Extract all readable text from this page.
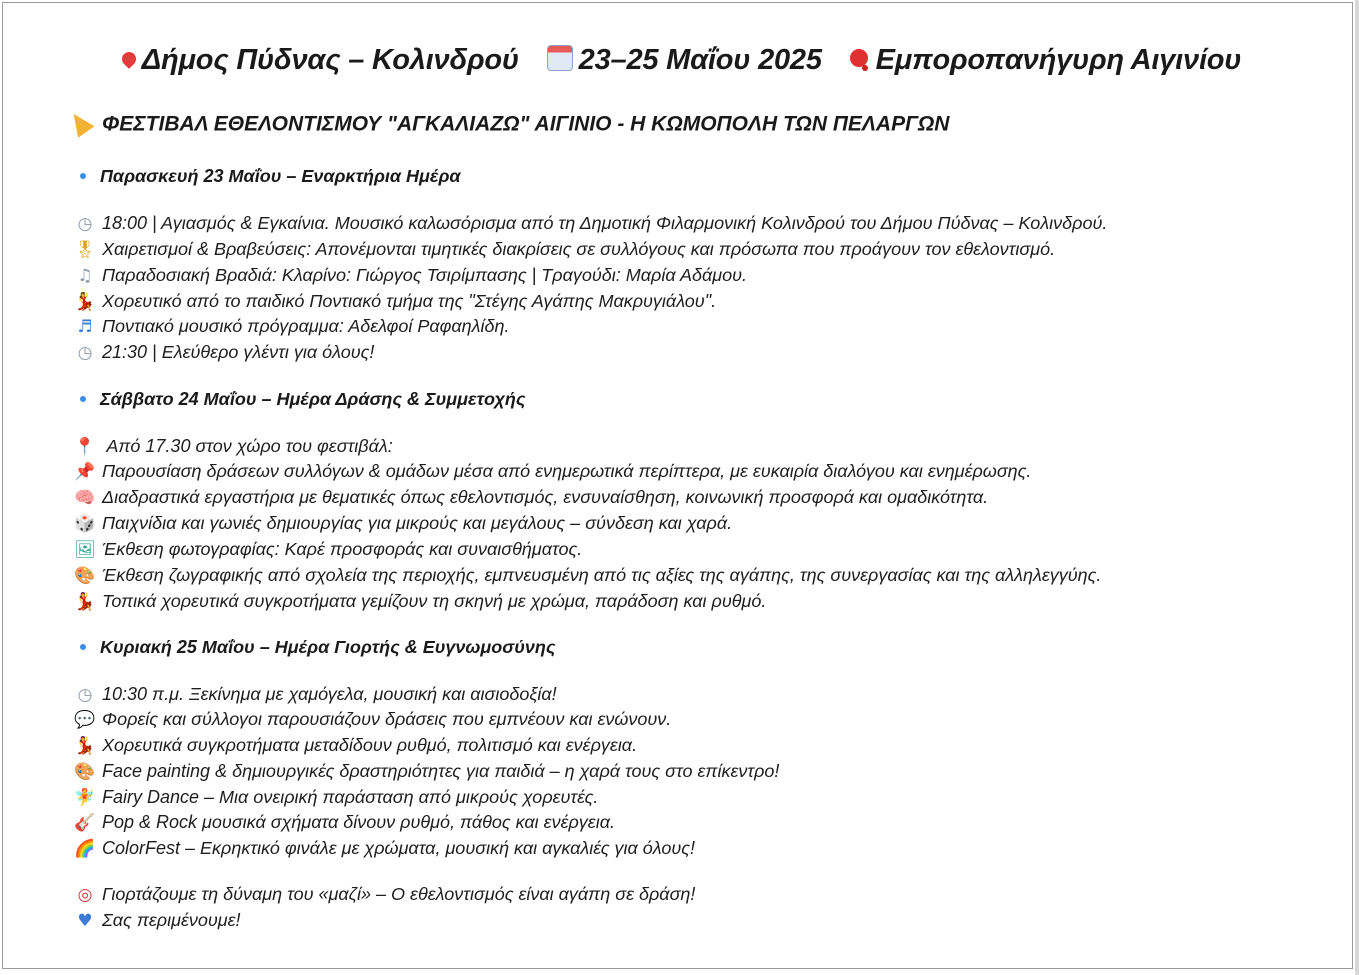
Δήμος Πύδνας – Κολινδρού 23–25 Μαΐου 2025 Εμποροπανήγυρη Αιγινίου
ΦΕΣΤΙΒΑΛ ΕΘΕΛΟΝΤΙΣΜΟΥ "ΑΓΚΑΛΙΑΖΩ" ΑΙΓΙΝΙΟ - Η ΚΩΜΟΠΟΛΗ ΤΩΝ ΠΕΛΑΡΓΩΝ
Παρασκευή 23 Μαΐου – Εναρκτήρια Ημέρα
◷ 18:00 | Αγιασμός & Εγκαίνια. Μουσικό καλωσόρισμα από τη Δημοτική Φιλαρμονική Κολινδρού του Δήμου Πύδνας – Κολινδρού.
🎖 Χαιρετισμοί & Βραβεύσεις: Απονέμονται τιμητικές διακρίσεις σε συλλόγους και πρόσωπα που προάγουν τον εθελοντισμό.
♫ Παραδοσιακή Βραδιά: Κλαρίνο: Γιώργος Τσιρίμπασης | Τραγούδι: Μαρία Αδάμου.
💃 Χορευτικό από το παιδικό Ποντιακό τμήμα της "Στέγης Αγάπης Μακρυγιάλου".
♬ Ποντιακό μουσικό πρόγραμμα: Αδελφοί Ραφαηλίδη.
◷ 21:30 | Ελεύθερο γλέντι για όλους!
Σάββατο 24 Μαΐου – Ημέρα Δράσης & Συμμετοχής
📍 Από 17.30 στον χώρο του φεστιβάλ:
📌 Παρουσίαση δράσεων συλλόγων & ομάδων μέσα από ενημερωτικά περίπτερα, με ευκαιρία διαλόγου και ενημέρωσης.
🧠 Διαδραστικά εργαστήρια με θεματικές όπως εθελοντισμός, ενσυναίσθηση, κοινωνική προσφορά και ομαδικότητα.
🎲 Παιχνίδια και γωνιές δημιουργίας για μικρούς και μεγάλους – σύνδεση και χαρά.
🖼 Έκθεση φωτογραφίας: Καρέ προσφοράς και συναισθήματος.
🎨 Έκθεση ζωγραφικής από σχολεία της περιοχής, εμπνευσμένη από τις αξίες της αγάπης, της συνεργασίας και της αλληλεγγύης.
💃 Τοπικά χορευτικά συγκροτήματα γεμίζουν τη σκηνή με χρώμα, παράδοση και ρυθμό.
Κυριακή 25 Μαΐου – Ημέρα Γιορτής & Ευγνωμοσύνης
◷ 10:30 π.μ. Ξεκίνημα με χαμόγελα, μουσική και αισιοδοξία!
💬 Φορείς και σύλλογοι παρουσιάζουν δράσεις που εμπνέουν και ενώνουν.
💃 Χορευτικά συγκροτήματα μεταδίδουν ρυθμό, πολιτισμό και ενέργεια.
🎨 Face painting & δημιουργικές δραστηριότητες για παιδιά – η χαρά τους στο επίκεντρο!
🧚 Fairy Dance – Μια ονειρική παράσταση από μικρούς χορευτές.
🎸 Pop & Rock μουσικά σχήματα δίνουν ρυθμό, πάθος και ενέργεια.
🌈 ColorFest – Εκρηκτικό φινάλε με χρώματα, μουσική και αγκαλιές για όλους!
◎ Γιορτάζουμε τη δύναμη του «μαζί» – Ο εθελοντισμός είναι αγάπη σε δράση!
♥ Σας περιμένουμε!
